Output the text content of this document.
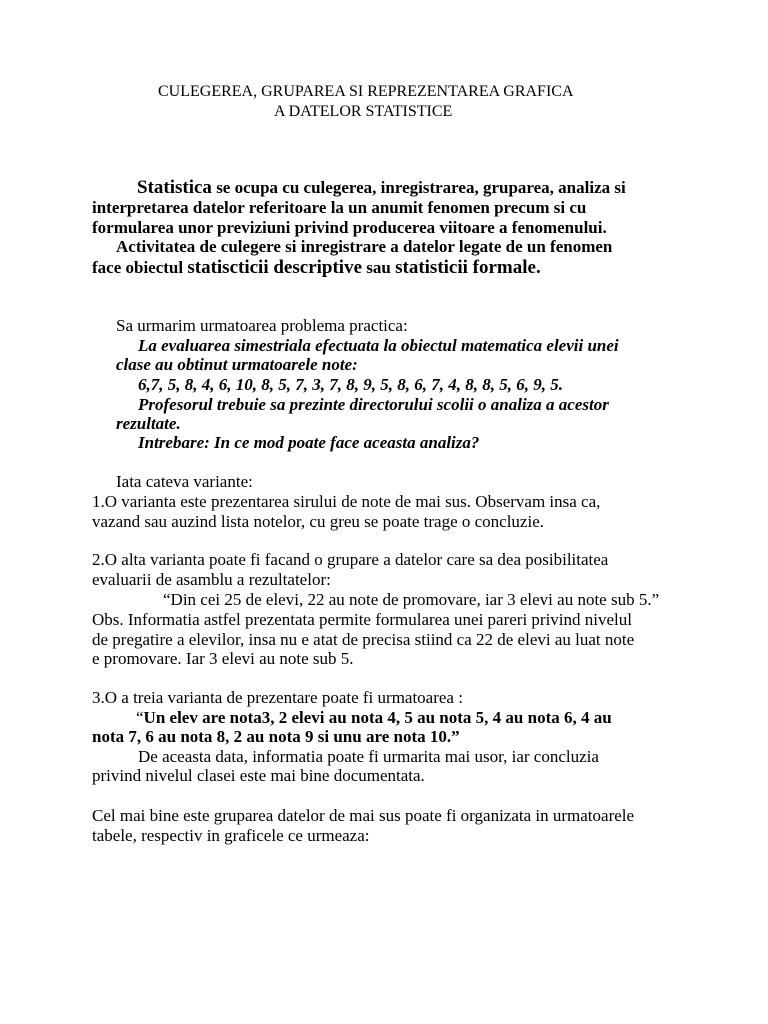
CULEGEREA, GRUPAREA SI REPREZENTAREA GRAFICA

A DATELOR STATISTICE

Statistica se ocupa cu culegerea, inregistrarea, gruparea, analiza si

interpretarea datelor referitoare la un anumit fenomen precum si cu

formularea unor previziuni privind producerea viitoare a fenomenului.

Activitatea de culegere si inregistrare a datelor legate de un fenomen

face obiectul statiscticii descriptive sau statisticii formale.

Sa urmarim urmatoarea problema practica:

La evaluarea simestriala efectuata la obiectul matematica elevii unei

clase au obtinut urmatoarele note:

6,7, 5, 8, 4, 6, 10, 8, 5, 7, 3, 7, 8, 9, 5, 8, 6, 7, 4, 8, 8, 5, 6, 9, 5.

Profesorul trebuie sa prezinte directorului scolii o analiza a acestor

rezultate.

Intrebare: In ce mod poate face aceasta analiza?

Iata cateva variante:

1.O varianta este prezentarea sirului de note de mai sus. Observam insa ca,

vazand sau auzind lista notelor, cu greu se poate trage o concluzie.

2.O alta varianta poate fi facand o grupare a datelor care sa dea posibilitatea

evaluarii de asamblu a rezultatelor:

“Din cei 25 de elevi, 22 au note de promovare, iar 3 elevi au note sub 5.”

Obs. Informatia astfel prezentata permite formularea unei pareri privind nivelul

de pregatire a elevilor, insa nu e atat de precisa stiind ca 22 de elevi au luat note

e promovare. Iar 3 elevi au note sub 5.

3.O a treia varianta de prezentare poate fi urmatoarea :

“Un elev are nota3, 2 elevi au nota 4, 5 au nota 5, 4 au nota 6, 4 au

nota 7, 6 au nota 8, 2 au nota 9 si unu are nota 10.”

De aceasta data, informatia poate fi urmarita mai usor, iar concluzia

privind nivelul clasei este mai bine documentata.

Cel mai bine este gruparea datelor de mai sus poate fi organizata in urmatoarele

tabele, respectiv in graficele ce urmeaza:
